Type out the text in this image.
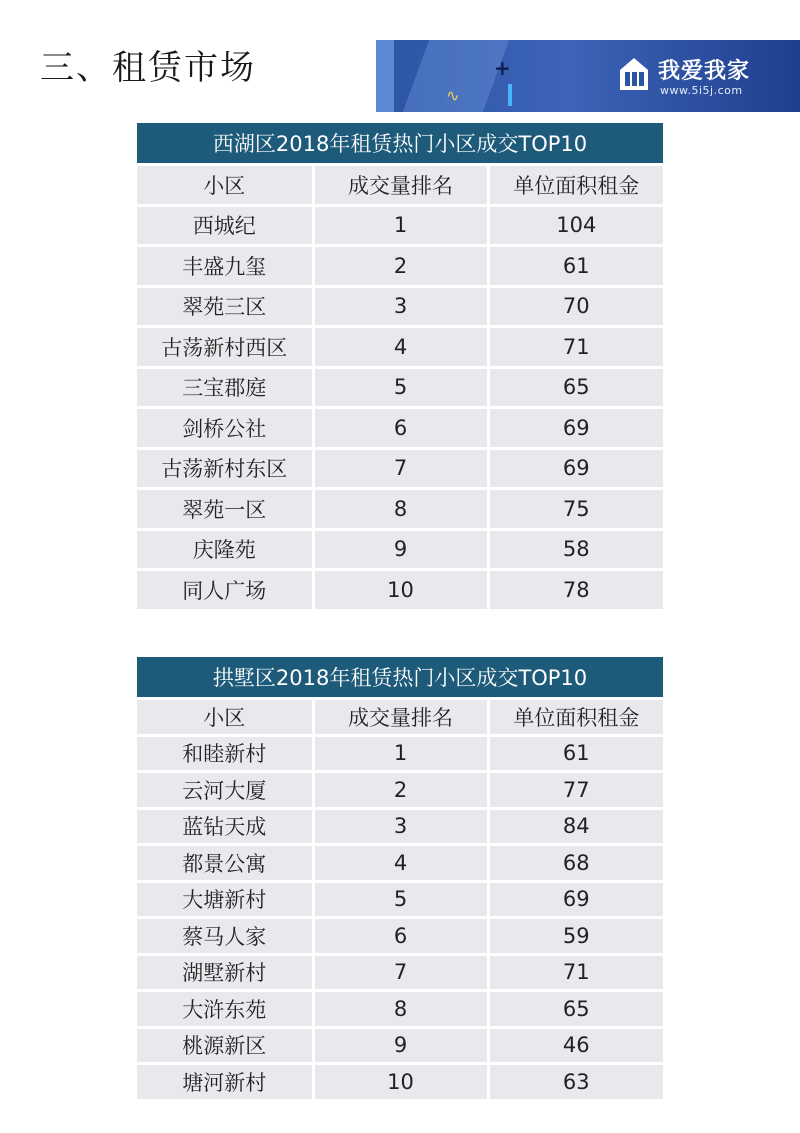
三、租赁市场
∿
+	我爱我家
www.5i5j.com
西湖区2018年租赁热门小区成交TOP10		
小区	成交量排名	单位面积租金
西城纪	1	104
丰盛九玺	2	61
翠苑三区	3	70
古荡新村西区	4	71
三宝郡庭	5	65
剑桥公社	6	69
古荡新村东区	7	69
翠苑一区	8	75
庆隆苑	9	58
同人广场	10	78
拱墅区2018年租赁热门小区成交TOP10		
小区	成交量排名	单位面积租金
和睦新村	1	61
云河大厦	2	77
蓝钻天成	3	84
都景公寓	4	68
大塘新村	5	69
蔡马人家	6	59
湖墅新村	7	71
大浒东苑	8	65
桃源新区	9	46
塘河新村	10	63
